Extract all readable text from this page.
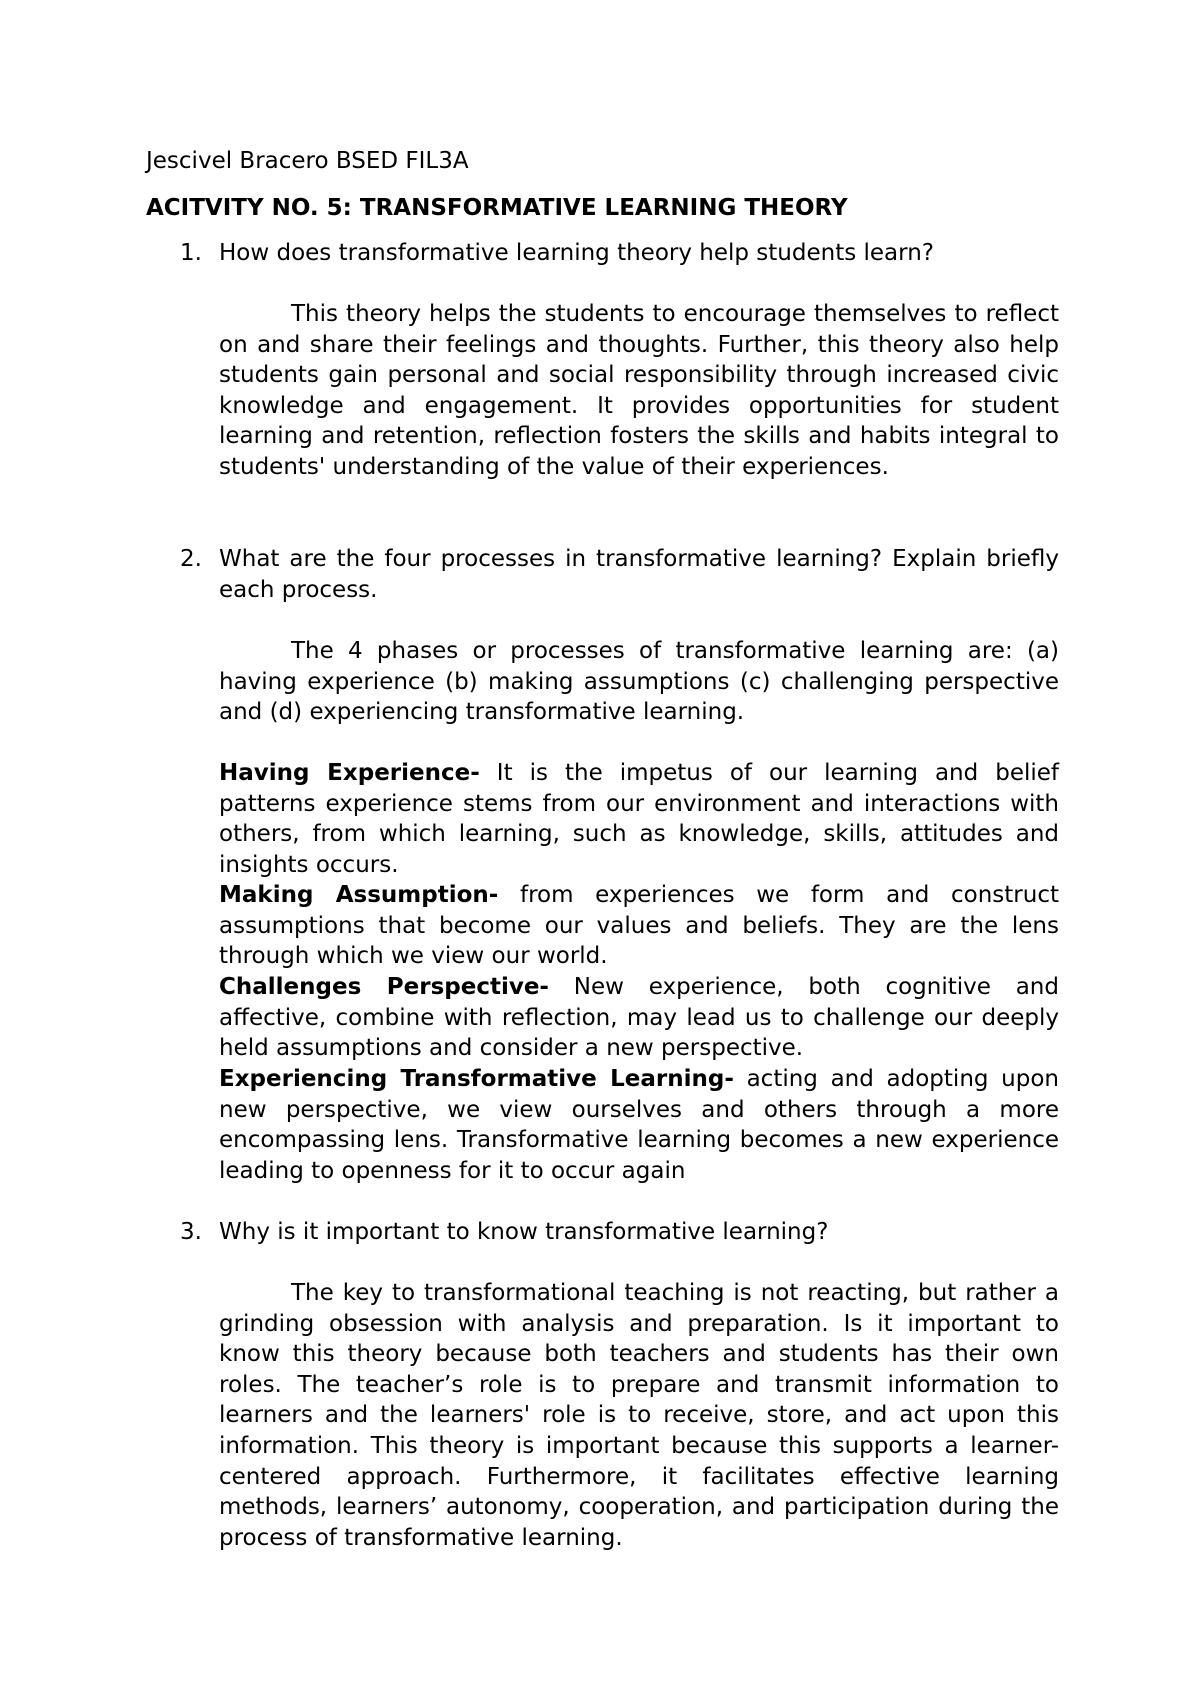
Jescivel Bracero BSED FIL3A
ACITVITY NO. 5: TRANSFORMATIVE LEARNING THEORY
1. How does transformative learning theory help students learn?

This theory helps the students to encourage themselves to reflect on and share their feelings and thoughts. Further, this theory also help students gain personal and social responsibility through increased civic knowledge and engagement. It provides opportunities for student learning and retention, reflection fosters the skills and habits integral to students' understanding of the value of their experiences.

2. What are the four processes in transformative learning? Explain briefly each process.

The 4 phases or processes of transformative learning are: (a) having experience (b) making assumptions (c) challenging perspective and (d) experiencing transformative learning.

Having Experience- It is the impetus of our learning and belief patterns experience stems from our environment and interactions with others, from which learning, such as knowledge, skills, attitudes and insights occurs.

Making Assumption- from experiences we form and construct assumptions that become our values and beliefs. They are the lens through which we view our world.

Challenges Perspective- New experience, both cognitive and affective, combine with reflection, may lead us to challenge our deeply held assumptions and consider a new perspective.

Experiencing Transformative Learning- acting and adopting upon new perspective, we view ourselves and others through a more encompassing lens. Transformative learning becomes a new experience leading to openness for it to occur again

3. Why is it important to know transformative learning?

The key to transformational teaching is not reacting, but rather a grinding obsession with analysis and preparation. Is it important to know this theory because both teachers and students has their own roles. The teacher’s role is to prepare and transmit information to learners and the learners' role is to receive, store, and act upon this information. This theory is important because this supports a learner-centered approach. Furthermore, it facilitates effective learning methods, learners’ autonomy, cooperation, and participation during the process of transformative learning.
